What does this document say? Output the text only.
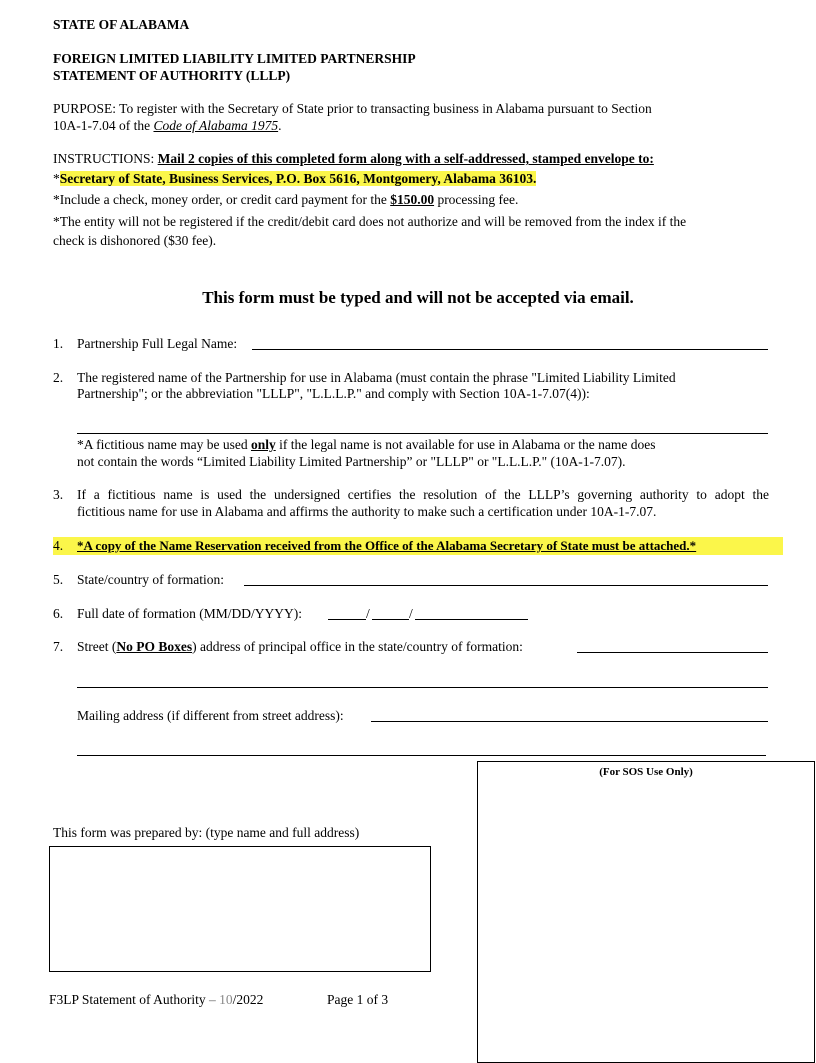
STATE OF ALABAMA
FOREIGN LIMITED LIABILITY LIMITED PARTNERSHIP
STATEMENT OF AUTHORITY (LLLP)
PURPOSE: To register with the Secretary of State prior to transacting business in Alabama pursuant to Section
10A-1-7.04 of the Code of Alabama 1975.
INSTRUCTIONS: Mail 2 copies of this completed form along with a self-addressed, stamped envelope to:
*Secretary of State, Business Services, P.O. Box 5616, Montgomery, Alabama 36103.
*Include a check, money order, or credit card payment for the $150.00 processing fee.
*The entity will not be registered if the credit/debit card does not authorize and will be removed from the index if the
check is dishonored ($30 fee).
This form must be typed and will not be accepted via email.
1. Partnership Full Legal Name:
2. The registered name of the Partnership for use in Alabama (must contain the phrase "Limited Liability Limited
Partnership"; or the abbreviation "LLLP", "L.L.L.P." and comply with Section 10A-1-7.07(4)):
*A fictitious name may be used only if the legal name is not available for use in Alabama or the name does
not contain the words “Limited Liability Limited Partnership” or "LLLP" or "L.L.L.P." (10A-1-7.07).
3. If a fictitious name is used the undersigned certifies the resolution of the LLLP’s governing authority to adopt the
fictitious name for use in Alabama and affirms the authority to make such a certification under 10A-1-7.07.
4. *A copy of the Name Reservation received from the Office of the Alabama Secretary of State must be attached.*
5. State/country of formation:
6. Full date of formation (MM/DD/YYYY):	/	/
7. Street (No PO Boxes) address of principal office in the state/country of formation:
Mailing address (if different from street address):
(For SOS Use Only)
This form was prepared by: (type name and full address)
F3LP Statement of Authority – 10/2022	Page 1 of 3
